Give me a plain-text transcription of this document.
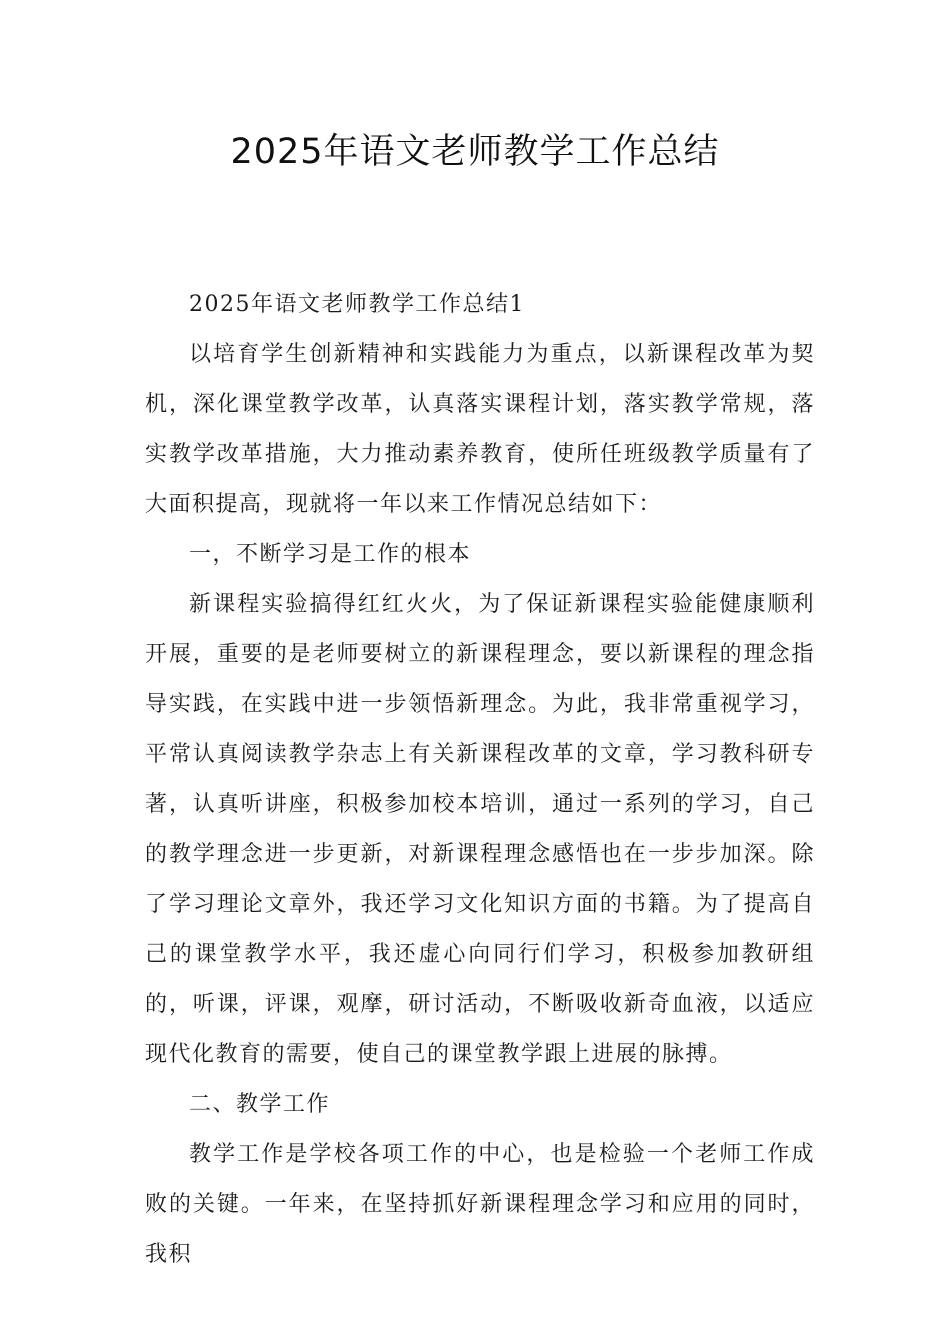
2025年语文老师教学工作总结

2025年语文老师教学工作总结1

以培育学生创新精神和实践能力为重点，以新课程改革为契机，深化课堂教学改革，认真落实课程计划，落实教学常规，落实教学改革措施，大力推动素养教育，使所任班级教学质量有了大面积提高，现就将一年以来工作情况总结如下：

一，不断学习是工作的根本

新课程实验搞得红红火火，为了保证新课程实验能健康顺利开展，重要的是老师要树立的新课程理念，要以新课程的理念指导实践，在实践中进一步领悟新理念。为此，我非常重视学习，平常认真阅读教学杂志上有关新课程改革的文章，学习教科研专著，认真听讲座，积极参加校本培训，通过一系列的学习，自己的教学理念进一步更新，对新课程理念感悟也在一步步加深。除了学习理论文章外，我还学习文化知识方面的书籍。为了提高自己的课堂教学水平，我还虚心向同行们学习，积极参加教研组的，听课，评课，观摩，研讨活动，不断吸收新奇血液，以适应现代化教育的需要，使自己的课堂教学跟上进展的脉搏。

二、教学工作

教学工作是学校各项工作的中心，也是检验一个老师工作成败的关键。一年来，在坚持抓好新课程理念学习和应用的同时，我积
